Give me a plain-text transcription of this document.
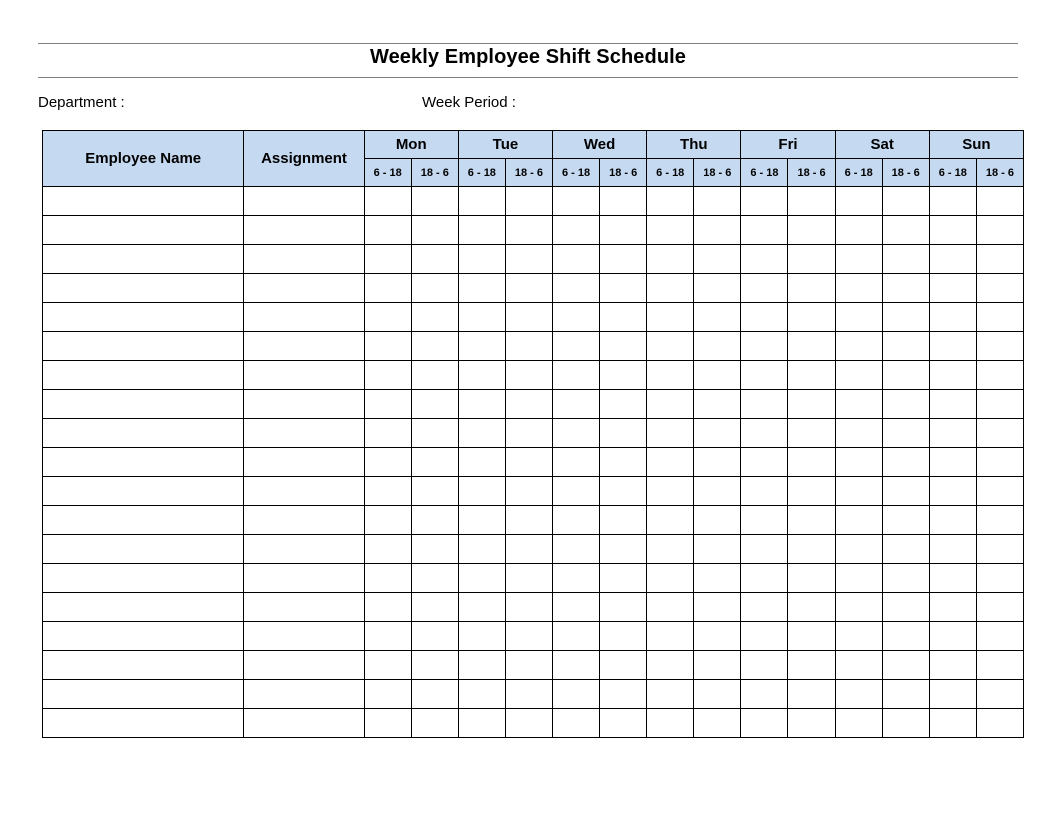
Weekly Employee Shift Schedule
Department :	Week Period :
Employee Name	Assignment	Mon		Tue		Wed		Thu		Fri		Sat		Sun	
		6 - 18	18 - 6	6 - 18	18 - 6	6 - 18	18 - 6	6 - 18	18 - 6	6 - 18	18 - 6	6 - 18	18 - 6	6 - 18	18 - 6
